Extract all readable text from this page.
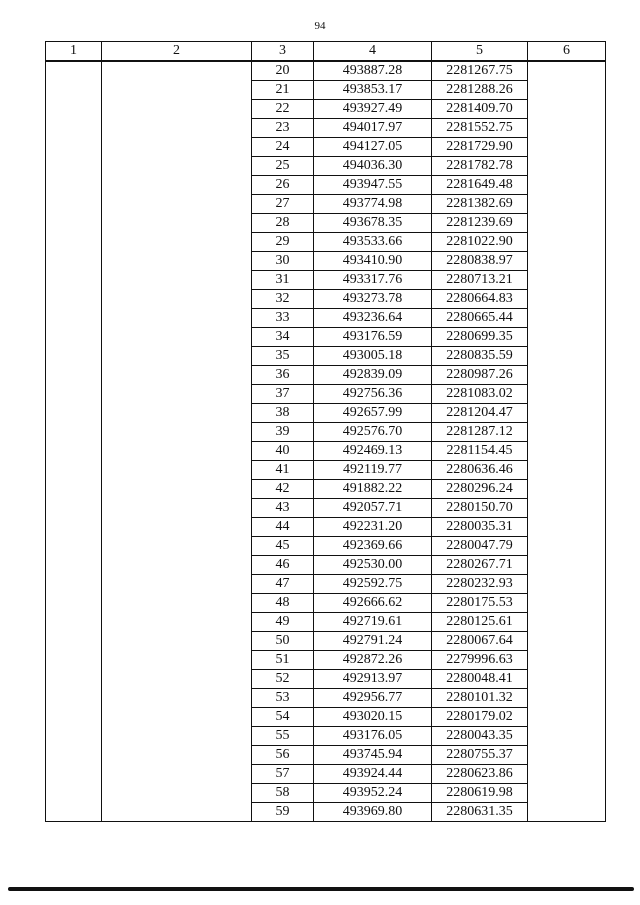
94
1	2	3	4	5	6
		20	493887.28	2281267.75	
		21	493853.17	2281288.26	
		22	493927.49	2281409.70	
		23	494017.97	2281552.75	
		24	494127.05	2281729.90	
		25	494036.30	2281782.78	
		26	493947.55	2281649.48	
		27	493774.98	2281382.69	
		28	493678.35	2281239.69	
		29	493533.66	2281022.90	
		30	493410.90	2280838.97	
		31	493317.76	2280713.21	
		32	493273.78	2280664.83	
		33	493236.64	2280665.44	
		34	493176.59	2280699.35	
		35	493005.18	2280835.59	
		36	492839.09	2280987.26	
		37	492756.36	2281083.02	
		38	492657.99	2281204.47	
		39	492576.70	2281287.12	
		40	492469.13	2281154.45	
		41	492119.77	2280636.46	
		42	491882.22	2280296.24	
		43	492057.71	2280150.70	
		44	492231.20	2280035.31	
		45	492369.66	2280047.79	
		46	492530.00	2280267.71	
		47	492592.75	2280232.93	
		48	492666.62	2280175.53	
		49	492719.61	2280125.61	
		50	492791.24	2280067.64	
		51	492872.26	2279996.63	
		52	492913.97	2280048.41	
		53	492956.77	2280101.32	
		54	493020.15	2280179.02	
		55	493176.05	2280043.35	
		56	493745.94	2280755.37	
		57	493924.44	2280623.86	
		58	493952.24	2280619.98	
		59	493969.80	2280631.35	
